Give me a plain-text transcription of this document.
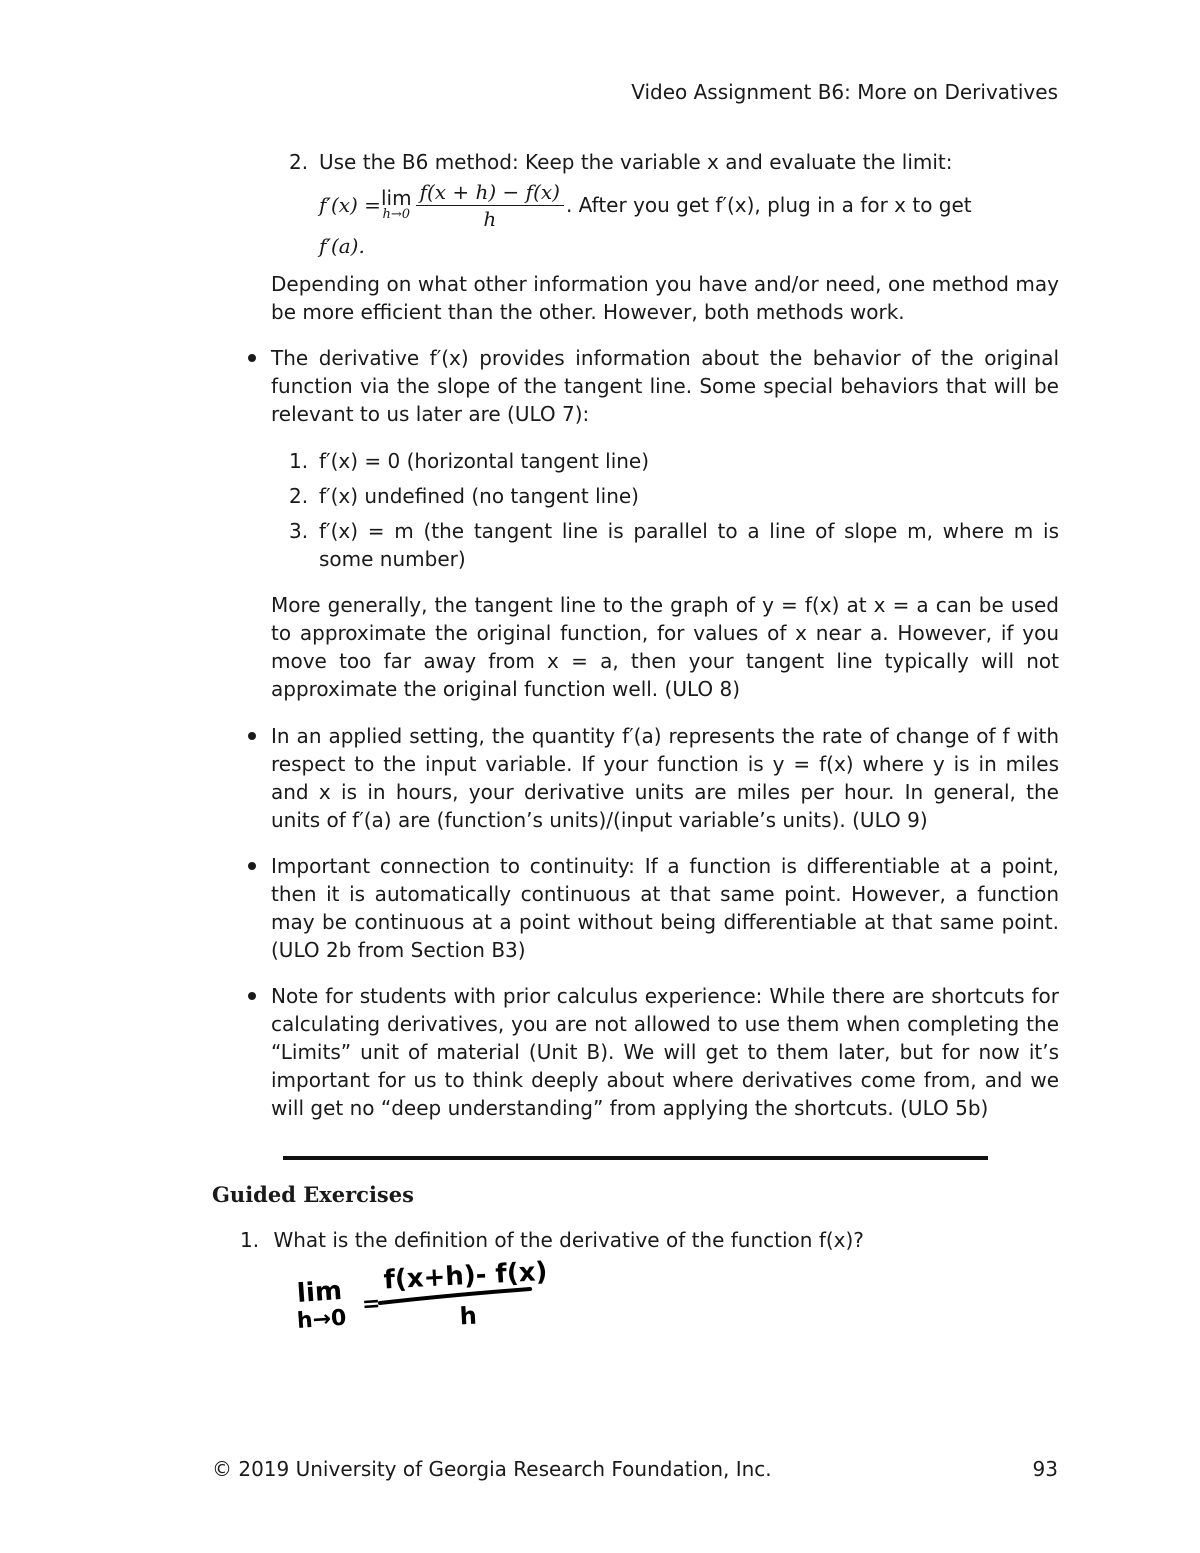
Video Assignment B6: More on Derivatives
2. Use the B6 method: Keep the variable x and evaluate the limit:
f′(x) = lim
$h\to 0 \frac{f(x + h) - f(x)}{h}$ . After you get f′(x), plug in a for x to get
f′(a).
Depending on what other information you have and/or need, one method may be more efficient than the other. However, both methods work.
The derivative f′(x) provides information about the behavior of the original function via the slope of the tangent line. Some special behaviors that will be relevant to us later are (ULO 7):
1. f′(x) = 0 (horizontal tangent line)
2. f′(x) undefined (no tangent line)
3. f′(x) = m (the tangent line is parallel to a line of slope m, where m is some number)
More generally, the tangent line to the graph of y = f(x) at x = a can be used to approximate the original function, for values of x near a. However, if you move too far away from x = a, then your tangent line typically will not approximate the original function well. (ULO 8)
In an applied setting, the quantity f′(a) represents the rate of change of f with respect to the input variable. If your function is y = f(x) where y is in miles and x is in hours, your derivative units are miles per hour. In general, the units of f′(a) are (function’s units)/(input variable’s units). (ULO 9)
Important connection to continuity: If a function is differentiable at a point, then it is automatically continuous at that same point. However, a function may be continuous at a point without being differentiable at that same point. (ULO 2b from Section B3)
Note for students with prior calculus experience: While there are shortcuts for calculating derivatives, you are not allowed to use them when completing the “Limits” unit of material (Unit B). We will get to them later, but for now it’s important for us to think deeply about where derivatives come from, and we will get no “deep understanding” from applying the shortcuts. (ULO 5b)
Guided Exercises
1. What is the definition of the derivative of the function f(x)?
lim
h→0
=
f(x+h)- f(x)
h
© 2019 University of Georgia Research Foundation, Inc.	93
